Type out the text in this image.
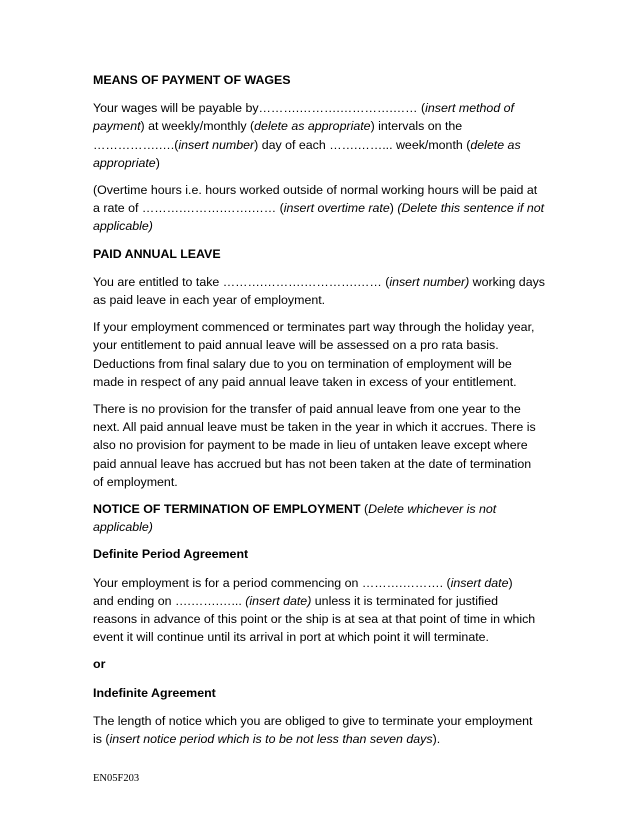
MEANS OF PAYMENT OF WAGES

Your wages will be payable by……….……….………….…… (insert method of

payment) at weekly/monthly (delete as appropriate) intervals on the

…………….….(insert number) day of each …….……... week/month (delete as

appropriate)

(Overtime hours i.e. hours worked outside of normal working hours will be paid at

a rate of ……….……….…….…… (insert overtime rate) (Delete this sentence if not

applicable)

PAID ANNUAL LEAVE

You are entitled to take ……….……….………….…… (insert number) working days

as paid leave in each year of employment.

If your employment commenced or terminates part way through the holiday year,

your entitlement to paid annual leave will be assessed on a pro rata basis.

Deductions from final salary due to you on termination of employment will be

made in respect of any paid annual leave taken in excess of your entitlement.

There is no provision for the transfer of paid annual leave from one year to the

next. All paid annual leave must be taken in the year in which it accrues. There is

also no provision for payment to be made in lieu of untaken leave except where

paid annual leave has accrued but has not been taken at the date of termination

of employment.

NOTICE OF TERMINATION OF EMPLOYMENT (Delete whichever is not

applicable)

Definite Period Agreement

Your employment is for a period commencing on ……….………. (insert date)

and ending on ….…….…... (insert date) unless it is terminated for justified

reasons in advance of this point or the ship is at sea at that point of time in which

event it will continue until its arrival in port at which point it will terminate.

or

Indefinite Agreement

The length of notice which you are obliged to give to terminate your employment

is (insert notice period which is to be not less than seven days).

EN05F203
